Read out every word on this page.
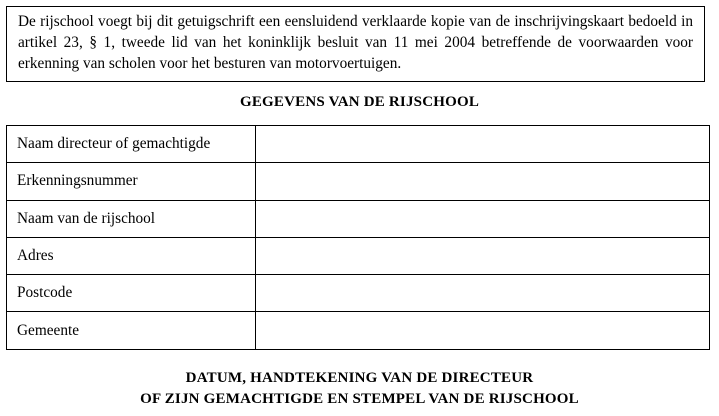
De rijschool voegt bij dit getuigschrift een eensluidend verklaarde kopie van de inschrijvingskaart bedoeld in artikel 23, § 1, tweede lid van het koninklijk besluit van 11 mei 2004 betreffende de voorwaarden voor erkenning van scholen voor het besturen van motorvoertuigen.
GEGEVENS VAN DE RIJSCHOOL
Naam directeur of gemachtigde	
Erkenningsnummer	
Naam van de rijschool	
Adres	
Postcode	
Gemeente	
DATUM, HANDTEKENING VAN DE DIRECTEUR
OF ZIJN GEMACHTIGDE EN STEMPEL VAN DE RIJSCHOOL
